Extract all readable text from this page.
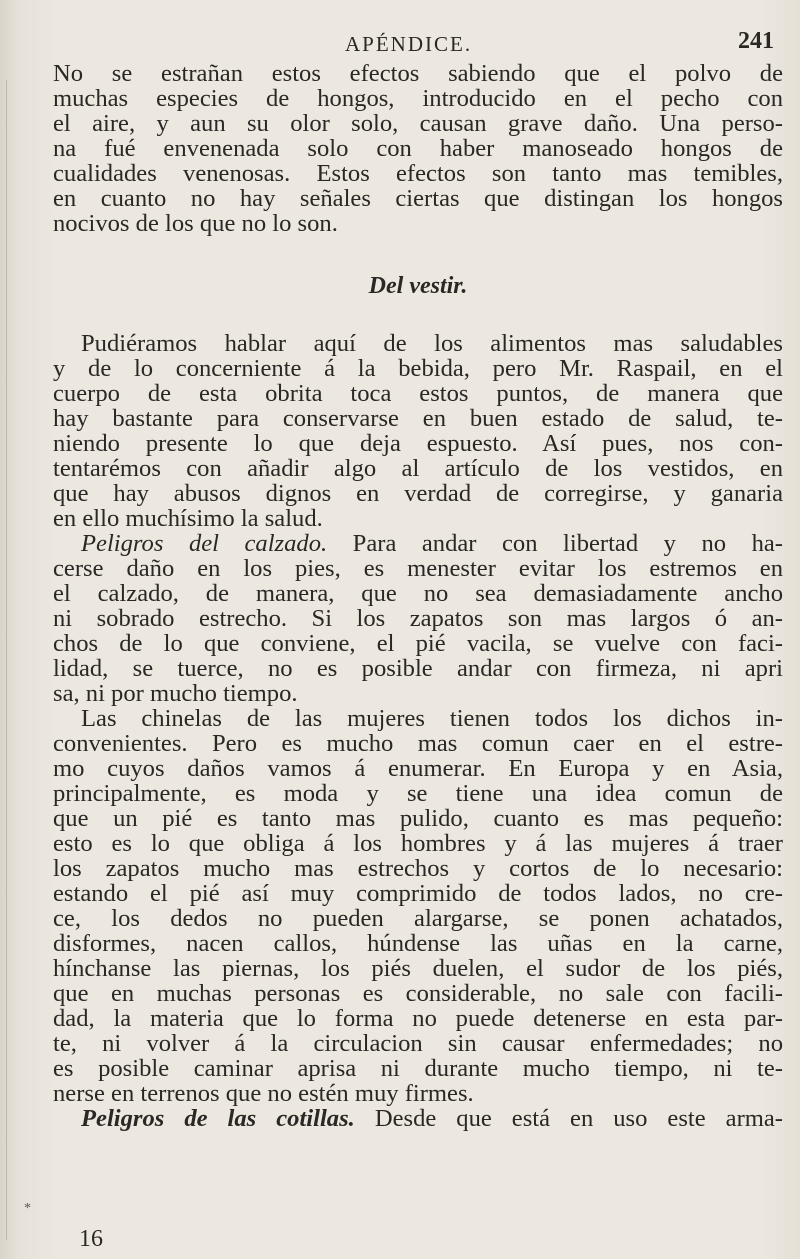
APÉNDICE.	241
No se estrañan estos efectos sabiendo que el polvo de
muchas especies de hongos, introducido en el pecho con
el aire, y aun su olor solo, causan grave daño. Una perso-
na fué envenenada solo con haber manoseado hongos de
cualidades venenosas. Estos efectos son tanto mas temibles,
en cuanto no hay señales ciertas que distingan los hongos
nocivos de los que no lo son.
Del vestir.
Pudiéramos hablar aquí de los alimentos mas saludables
y de lo concerniente á la bebida, pero Mr. Raspail, en el
cuerpo de esta obrita toca estos puntos, de manera que
hay bastante para conservarse en buen estado de salud, te-
niendo presente lo que deja espuesto. Así pues, nos con-
tentarémos con añadir algo al artículo de los vestidos, en
que hay abusos dignos en verdad de corregirse, y ganaria
en ello muchísimo la salud.
Peligros del calzado. Para andar con libertad y no ha-
cerse daño en los pies, es menester evitar los estremos en
el calzado, de manera, que no sea demasiadamente ancho
ni sobrado estrecho. Si los zapatos son mas largos ó an-
chos de lo que conviene, el pié vacila, se vuelve con faci-
lidad, se tuerce, no es posible andar con firmeza, ni apri
sa, ni por mucho tiempo.
Las chinelas de las mujeres tienen todos los dichos in-
convenientes. Pero es mucho mas comun caer en el estre-
mo cuyos daños vamos á enumerar. En Europa y en Asia,
principalmente, es moda y se tiene una idea comun de
que un pié es tanto mas pulido, cuanto es mas pequeño:
esto es lo que obliga á los hombres y á las mujeres á traer
los zapatos mucho mas estrechos y cortos de lo necesario:
estando el pié así muy comprimido de todos lados, no cre-
ce, los dedos no pueden alargarse, se ponen achatados,
disformes, nacen callos, húndense las uñas en la carne,
hínchanse las piernas, los piés duelen, el sudor de los piés,
que en muchas personas es considerable, no sale con facili-
dad, la materia que lo forma no puede detenerse en esta par-
te, ni volver á la circulacion sin causar enfermedades; no
es posible caminar aprisa ni durante mucho tiempo, ni te-
nerse en terrenos que no estén muy firmes.
Peligros de las cotillas. Desde que está en uso este arma-
*
16
